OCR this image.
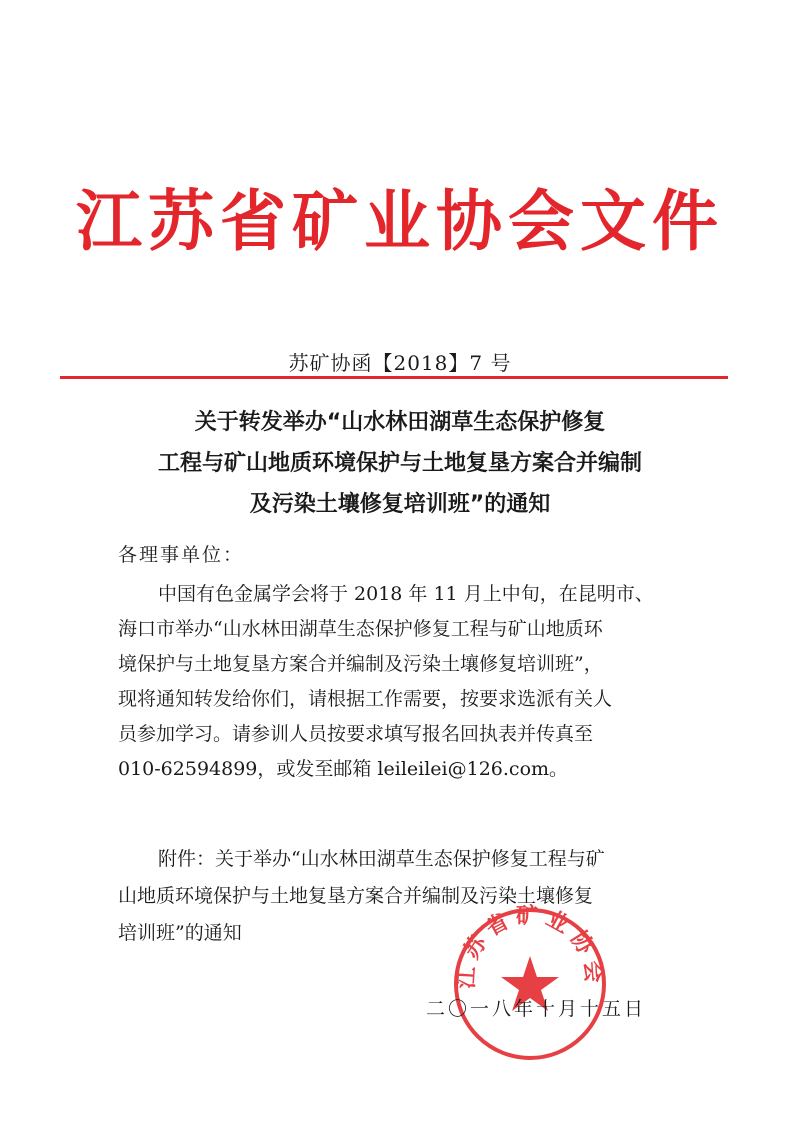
江苏省矿业协会文件
苏矿协函【2018】7 号
关于转发举办“山水林田湖草生态保护修复
工程与矿山地质环境保护与土地复垦方案合并编制
及污染土壤修复培训班”的通知
各理事单位：
中国有色金属学会将于 2018 年 11 月上中旬，在昆明市、
海口市举办“山水林田湖草生态保护修复工程与矿山地质环
境保护与土地复垦方案合并编制及污染土壤修复培训班”，
现将通知转发给你们，请根据工作需要，按要求选派有关人
员参加学习。请参训人员按要求填写报名回执表并传真至
010-62594899，或发至邮箱 leileilei@126.com。
附件：关于举办“山水林田湖草生态保护修复工程与矿
山地质环境保护与土地复垦方案合并编制及污染土壤修复
培训班”的通知
江苏省矿业协会
二〇一八年十月十五日
